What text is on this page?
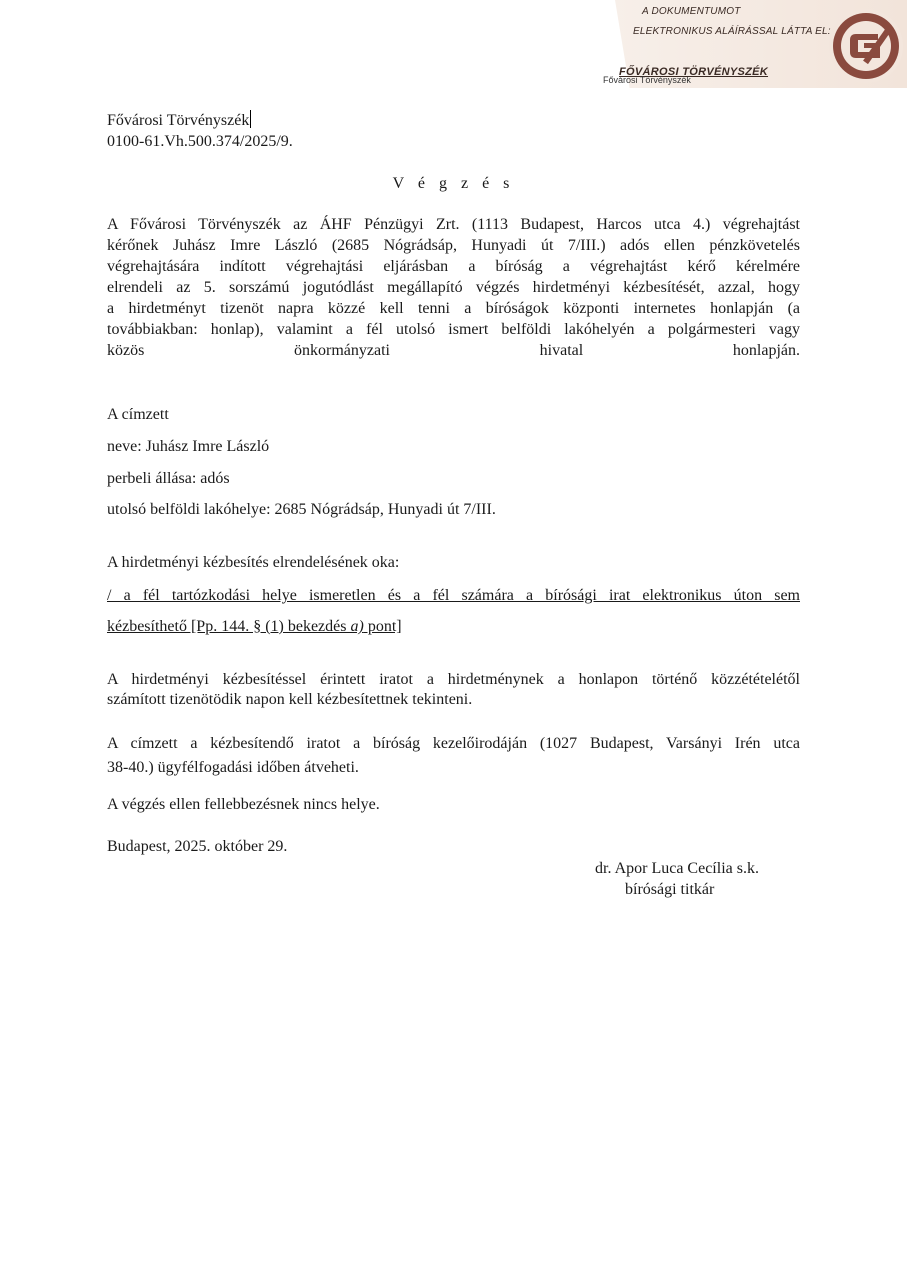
A DOKUMENTUMOT
ELEKTRONIKUS ALÁÍRÁSSAL LÁTTA EL:
FŐVÁROSI TÖRVÉNYSZÉK
Fővárosi Törvényszék
Fővárosi Törvényszék
0100-61.Vh.500.374/2025/9.
V é g z é s
A Fővárosi Törvényszék az ÁHF Pénzügyi Zrt. (1113 Budapest, Harcos utca 4.) végrehajtást
kérőnek Juhász Imre László (2685 Nógrádsáp, Hunyadi út 7/III.) adós ellen pénzkövetelés
végrehajtására indított végrehajtási eljárásban a bíróság a végrehajtást kérő kérelmére
elrendeli az 5. sorszámú jogutódlást megállapító végzés hirdetményi kézbesítését, azzal, hogy
a hirdetményt tizenöt napra közzé kell tenni a bíróságok központi internetes honlapján (a
továbbiakban: honlap), valamint a fél utolsó ismert belföldi lakóhelyén a polgármesteri vagy
közös önkormányzati hivatal honlapján.
A címzett
neve: Juhász Imre László
perbeli állása: adós
utolsó belföldi lakóhelye: 2685 Nógrádsáp, Hunyadi út 7/III.
A hirdetményi kézbesítés elrendelésének oka:
/ a fél tartózkodási helye ismeretlen és a fél számára a bírósági irat elektronikus úton sem
kézbesíthető [Pp. 144. § (1) bekezdés a) pont]
A hirdetményi kézbesítéssel érintett iratot a hirdetménynek a honlapon történő közzétételétől
számított tizenötödik napon kell kézbesítettnek tekinteni.
A címzett a kézbesítendő iratot a bíróság kezelőirodáján (1027 Budapest, Varsányi Irén utca
38-40.) ügyfélfogadási időben átveheti.
A végzés ellen fellebbezésnek nincs helye.
Budapest, 2025. október 29.
dr. Apor Luca Cecília s.k.
bírósági titkár
